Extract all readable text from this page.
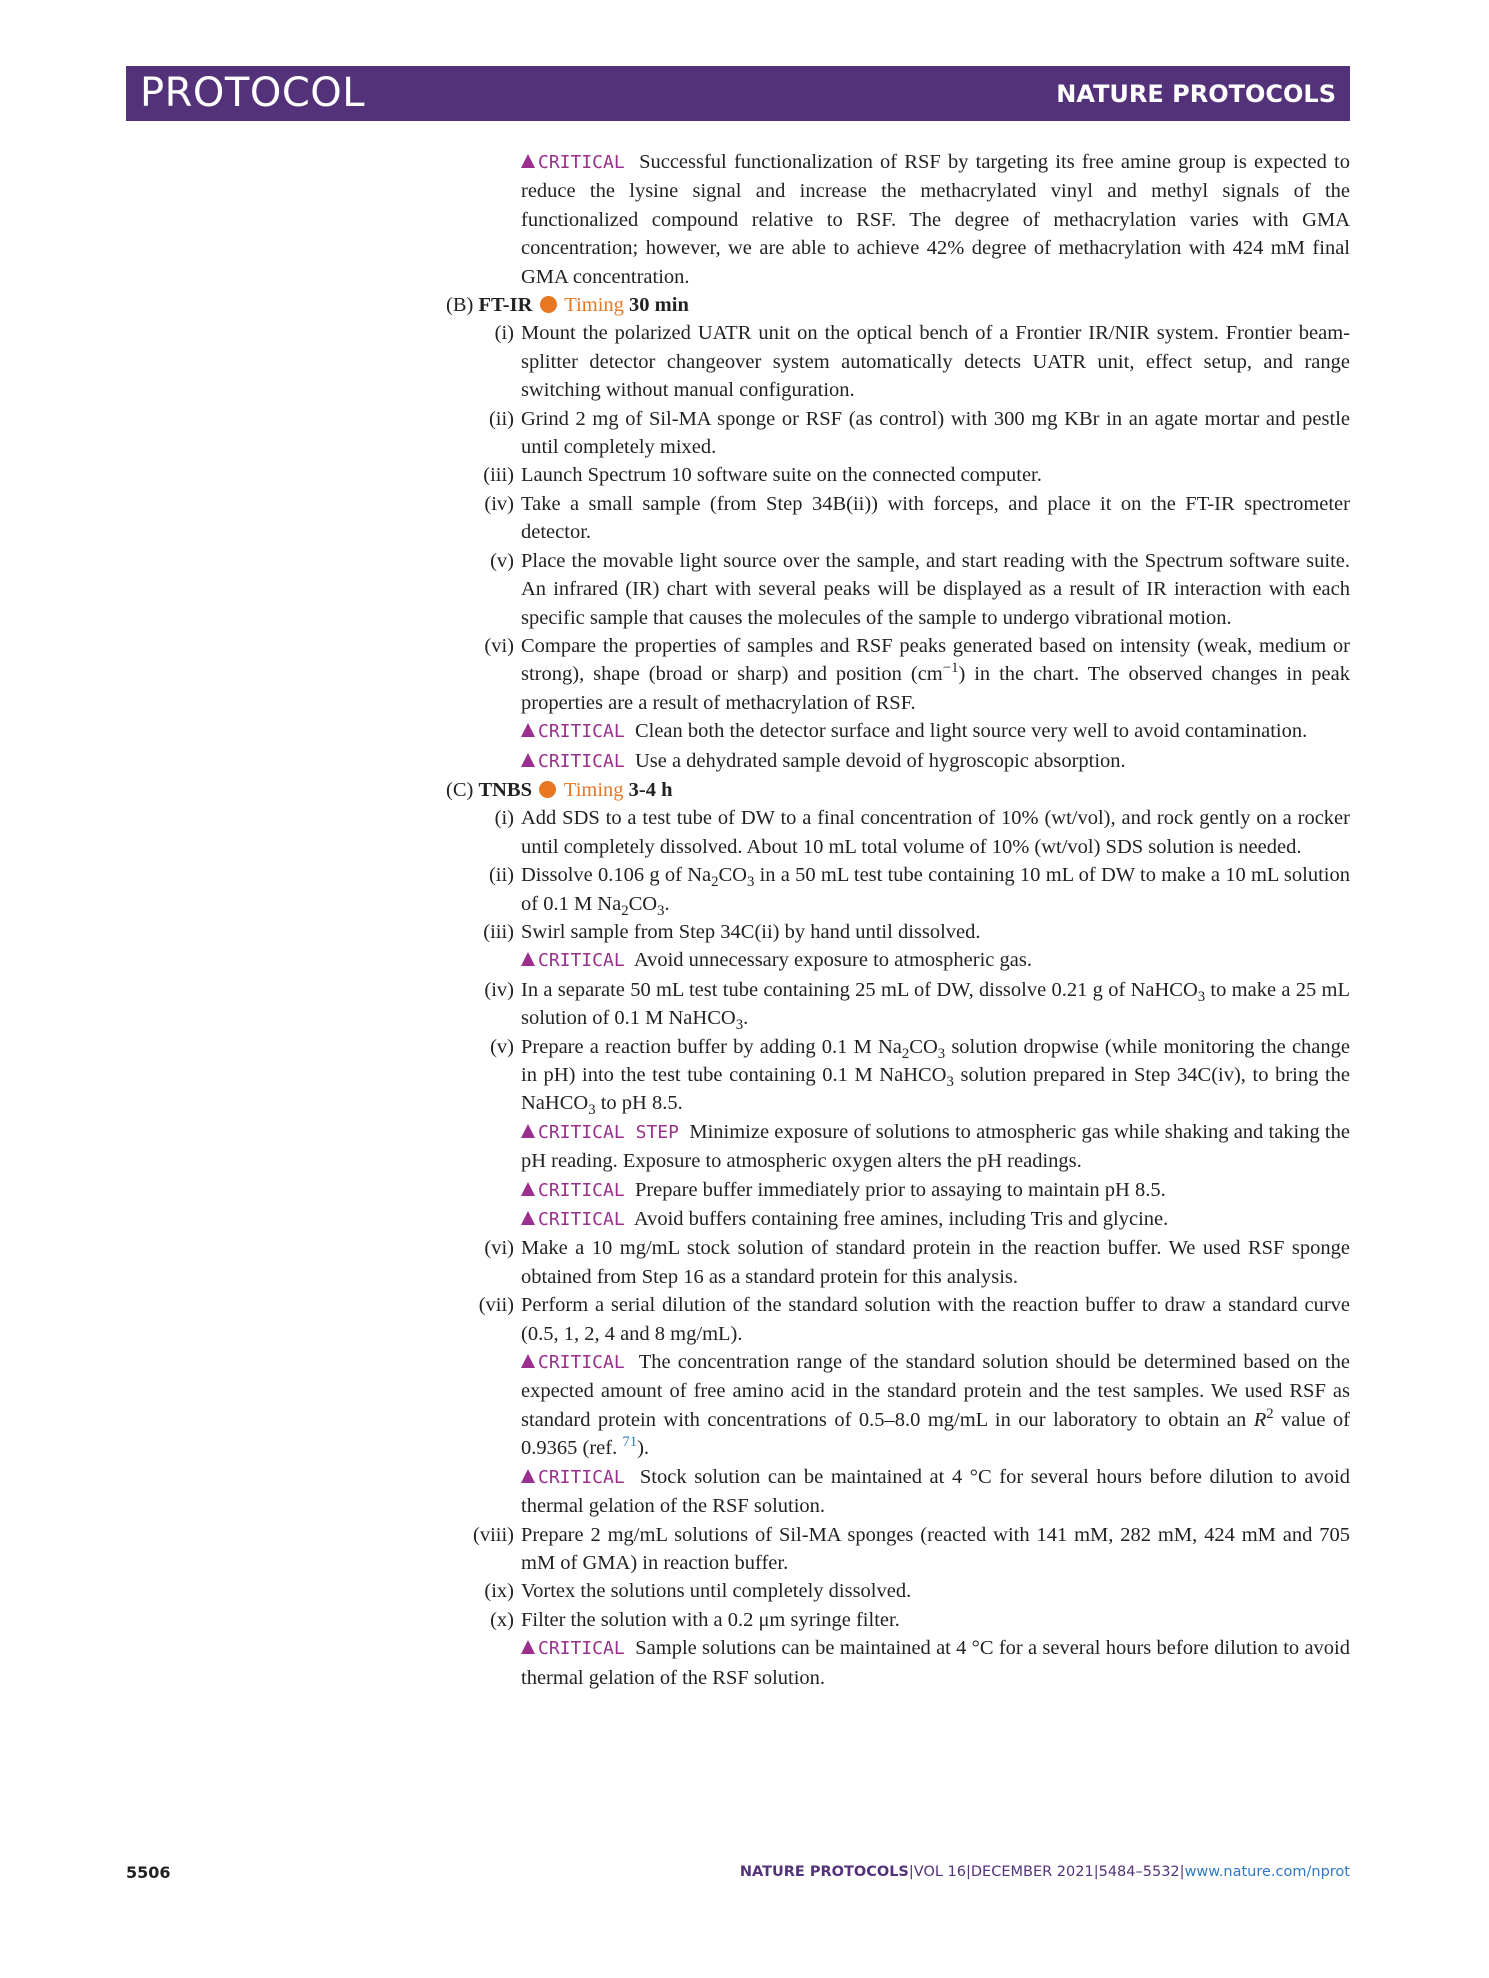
PROTOCOL	NATURE PROTOCOLS
CRITICAL Successful functionalization of RSF by targeting its free amine group is expected to reduce the lysine signal and increase the methacrylated vinyl and methyl signals of the functionalized compound relative to RSF. The degree of methacrylation varies with GMA concentration; however, we are able to achieve 42% degree of methacrylation with 424 mM final GMA concentration.
(B) FT-IR Timing 30 min
(i) Mount the polarized UATR unit on the optical bench of a Frontier IR/NIR system. Frontier beam-splitter detector changeover system automatically detects UATR unit, effect setup, and range switching without manual configuration.
(ii) Grind 2 mg of Sil-MA sponge or RSF (as control) with 300 mg KBr in an agate mortar and pestle until completely mixed.
(iii) Launch Spectrum 10 software suite on the connected computer.
(iv) Take a small sample (from Step 34B(ii)) with forceps, and place it on the FT-IR spectrometer detector.
(v) Place the movable light source over the sample, and start reading with the Spectrum software suite. An infrared (IR) chart with several peaks will be displayed as a result of IR interaction with each specific sample that causes the molecules of the sample to undergo vibrational motion.
(vi) Compare the properties of samples and RSF peaks generated based on intensity (weak, medium or strong), shape (broad or sharp) and position $(cm^{-1})$ in the chart. The observed changes in peak properties are a result of methacrylation of RSF.
CRITICAL Clean both the detector surface and light source very well to avoid contamination.
CRITICAL Use a dehydrated sample devoid of hygroscopic absorption.
(C) TNBS Timing 3-4 h
(i) Add SDS to a test tube of DW to a final concentration of 10% (wt/vol), and rock gently on a rocker until completely dissolved. About 10 mL total volume of 10% (wt/vol) SDS solution is needed.
(ii) Dissolve 0.106 g of $Na_2CO_3$ in a 50 mL test tube containing 10 mL of DW to make a 10 mL solution of 0.1 M $Na_2CO_3$.
(iii) Swirl sample from Step 34C(ii) by hand until dissolved.
CRITICAL Avoid unnecessary exposure to atmospheric gas.
(iv) In a separate 50 mL test tube containing 25 mL of DW, dissolve 0.21 g of NaHCO$_3$ to make a 25 mL solution of 0.1 M NaHCO$_3$.
(v) Prepare a reaction buffer by adding 0.1 M $Na_2CO_3$ solution dropwise (while monitoring the change in pH) into the test tube containing 0.1 M NaHCO$_3$ solution prepared in Step 34C(iv), to bring the NaHCO$_3$ to pH 8.5.
CRITICAL STEP Minimize exposure of solutions to atmospheric gas while shaking and taking the pH reading. Exposure to atmospheric oxygen alters the pH readings.
CRITICAL Prepare buffer immediately prior to assaying to maintain pH 8.5.
CRITICAL Avoid buffers containing free amines, including Tris and glycine.
(vi) Make a 10 mg/mL stock solution of standard protein in the reaction buffer. We used RSF sponge obtained from Step 16 as a standard protein for this analysis.
(vii) Perform a serial dilution of the standard solution with the reaction buffer to draw a standard curve (0.5, 1, 2, 4 and 8 mg/mL).
CRITICAL The concentration range of the standard solution should be determined based on the expected amount of free amino acid in the standard protein and the test samples. We used RSF as standard protein with concentrations of 0.5–8.0 mg/mL in our laboratory to obtain an $R^2$ value of 0.9365 (ref. $^{71}$).
CRITICAL Stock solution can be maintained at 4 °C for several hours before dilution to avoid thermal gelation of the RSF solution.
(viii) Prepare 2 mg/mL solutions of Sil-MA sponges (reacted with 141 mM, 282 mM, 424 mM and 705 mM of GMA) in reaction buffer.
(ix) Vortex the solutions until completely dissolved.
(x) Filter the solution with a 0.2 μm syringe filter.
CRITICAL Sample solutions can be maintained at 4 °C for a several hours before dilution to avoid thermal gelation of the RSF solution.
5506	NATURE PROTOCOLS|VOL 16|DECEMBER 2021|5484–5532|www.nature.com/nprot
